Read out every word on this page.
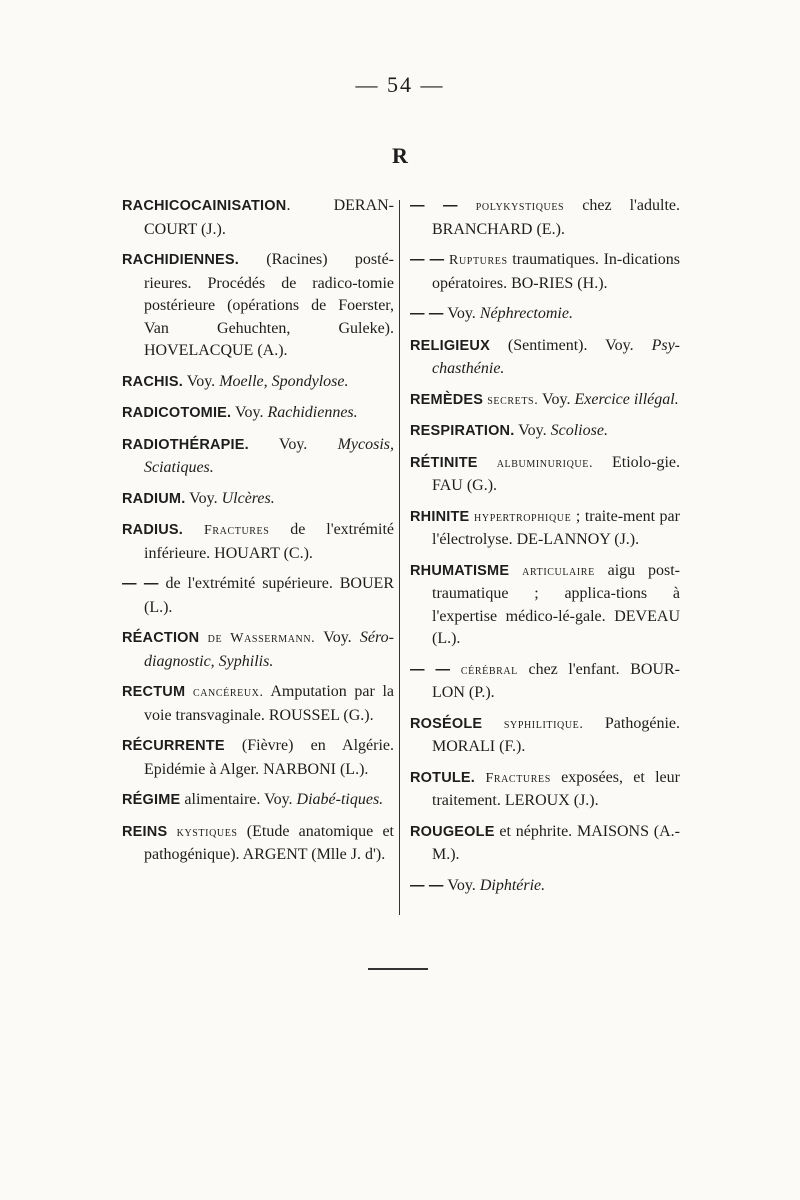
— 54 —
R
RACHICOCAINISATION. DERAN-COURT (J.).
RACHIDIENNES. (Racines) posté-rieures. Procédés de radico-tomie postérieure (opérations de Foerster, Van Gehuchten, Guleke). HOVELACQUE (A.).
RACHIS. Voy. Moelle, Spondylose.
RADICOTOMIE. Voy. Rachidiennes.
RADIOTHÉRAPIE. Voy. Mycosis, Sciatiques.
RADIUM. Voy. Ulcères.
RADIUS. Fractures de l'extrémité inférieure. HOUART (C.).
— — de l'extrémité supérieure. BOUER (L.).
RÉACTION de Wassermann. Voy. Séro-diagnostic, Syphilis.
RECTUM cancéreux. Amputation par la voie transvaginale. ROUSSEL (G.).
RÉCURRENTE (Fièvre) en Algérie. Epidémie à Alger. NARBONI (L.).
RÉGIME alimentaire. Voy. Diabé-tiques.
REINS kystiques (Etude anatomique et pathogénique). ARGENT (Mlle J. d').
— — polykystiques chez l'adulte. BRANCHARD (E.).
— — Ruptures traumatiques. In-dications opératoires. BO-RIES (H.).
— — Voy. Néphrectomie.
RELIGIEUX (Sentiment). Voy. Psy-chasthénie.
REMÈDES secrets. Voy. Exercice illégal.
RESPIRATION. Voy. Scoliose.
RÉTINITE albuminurique. Etiolo-gie. FAU (G.).
RHINITE hypertrophique ; traite-ment par l'électrolyse. DE-LANNOY (J.).
RHUMATISME articulaire aigu post-traumatique ; applica-tions à l'expertise médico-lé-gale. DEVEAU (L.).
— — cérébral chez l'enfant. BOUR-LON (P.).
ROSÉOLE syphilitique. Pathogénie. MORALI (F.).
ROTULE. Fractures exposées, et leur traitement. LEROUX (J.).
ROUGEOLE et néphrite. MAISONS (A.-M.).
— — Voy. Diphtérie.
